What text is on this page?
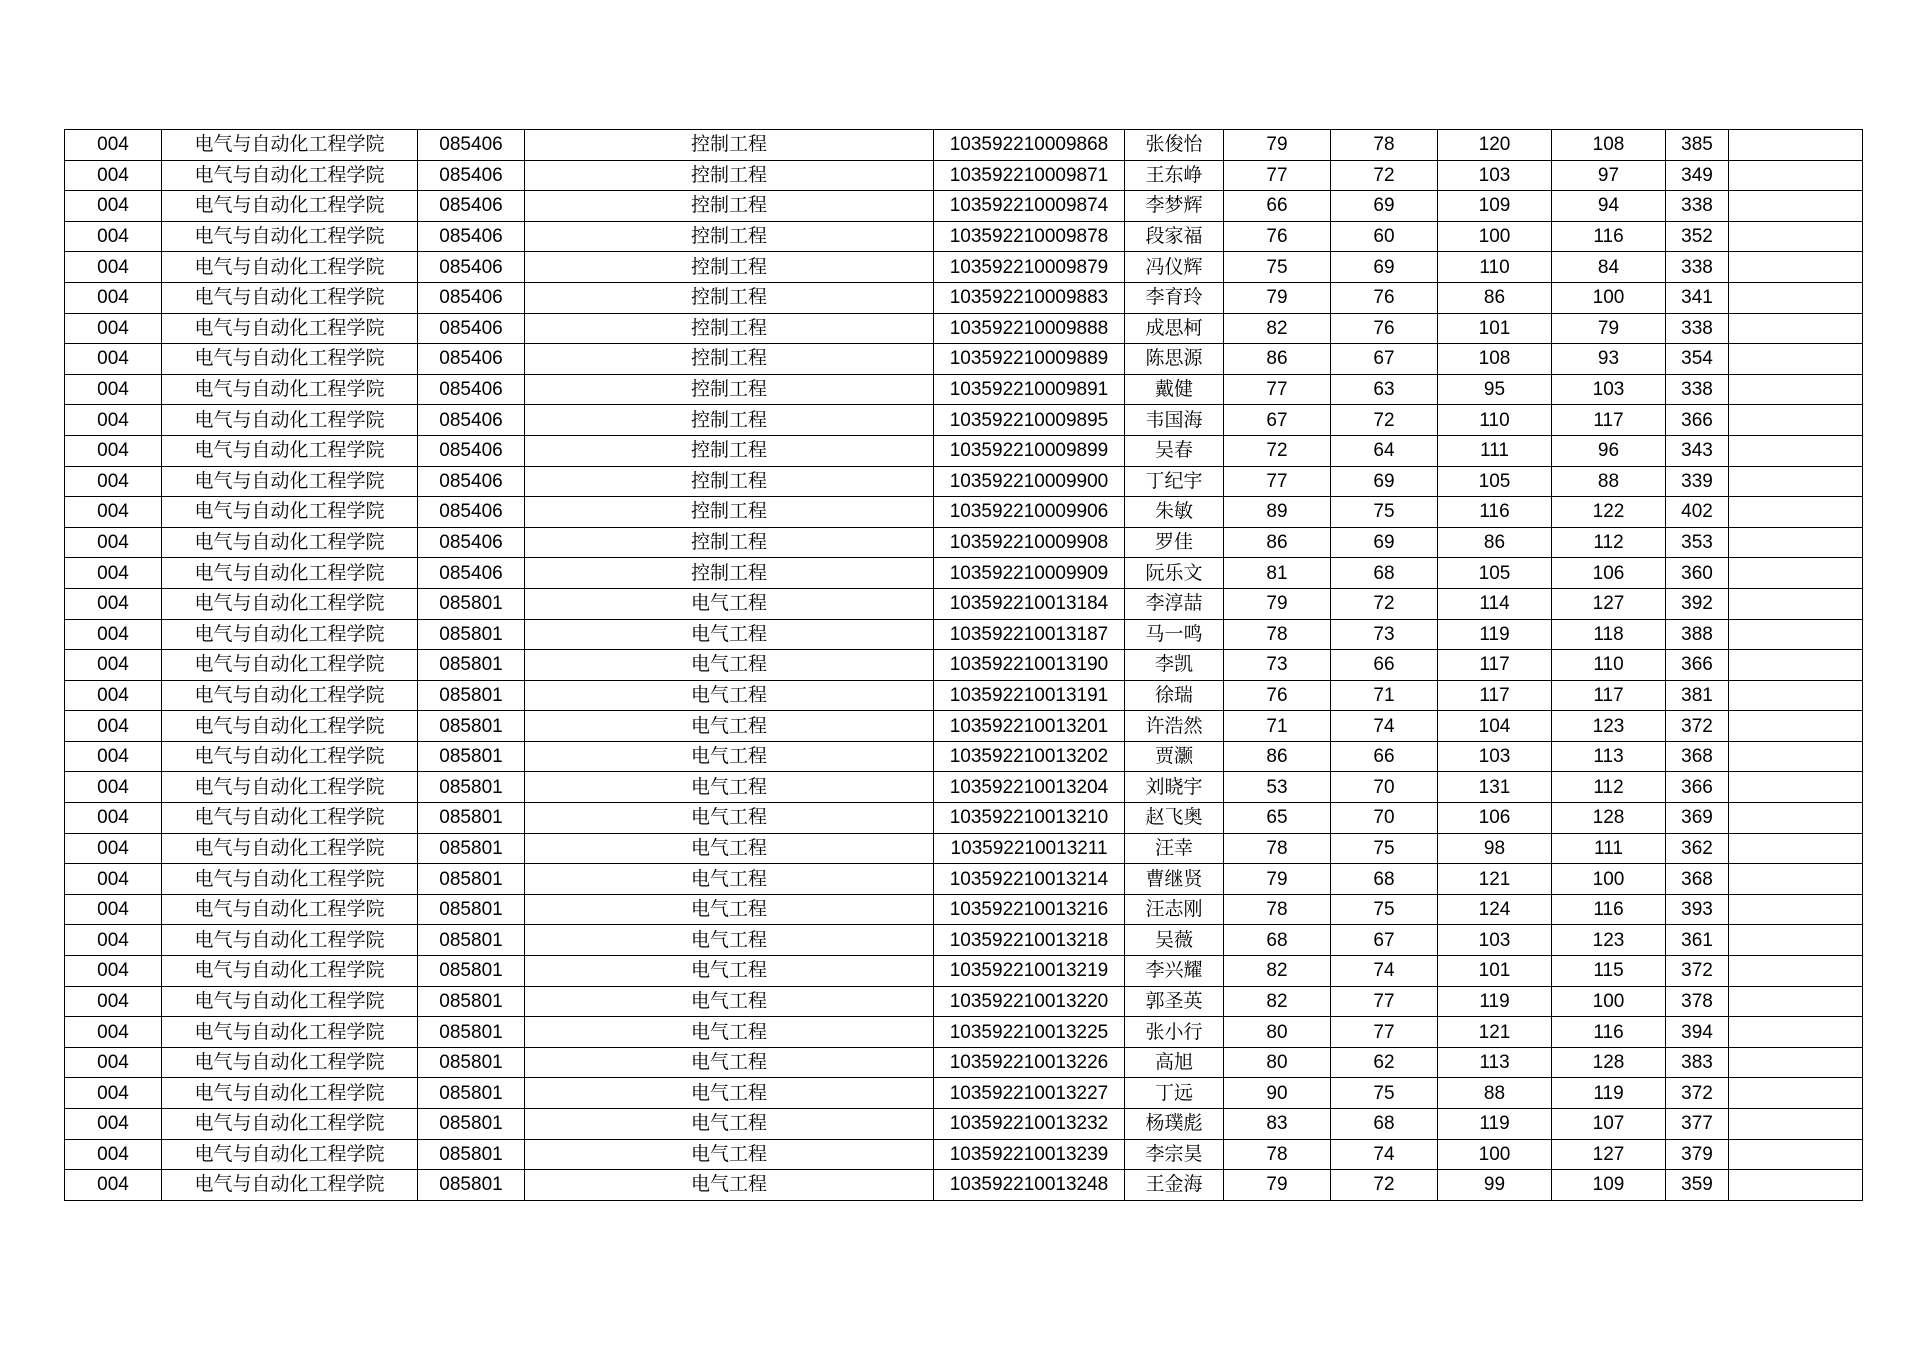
004	电气与自动化工程学院	085406	控制工程	103592210009868	张俊怡	79	78	120	108	385	
004	电气与自动化工程学院	085406	控制工程	103592210009871	王东峥	77	72	103	97	349	
004	电气与自动化工程学院	085406	控制工程	103592210009874	李梦辉	66	69	109	94	338	
004	电气与自动化工程学院	085406	控制工程	103592210009878	段家福	76	60	100	116	352	
004	电气与自动化工程学院	085406	控制工程	103592210009879	冯仪辉	75	69	110	84	338	
004	电气与自动化工程学院	085406	控制工程	103592210009883	李育玲	79	76	86	100	341	
004	电气与自动化工程学院	085406	控制工程	103592210009888	成思柯	82	76	101	79	338	
004	电气与自动化工程学院	085406	控制工程	103592210009889	陈思源	86	67	108	93	354	
004	电气与自动化工程学院	085406	控制工程	103592210009891	戴健	77	63	95	103	338	
004	电气与自动化工程学院	085406	控制工程	103592210009895	韦国海	67	72	110	117	366	
004	电气与自动化工程学院	085406	控制工程	103592210009899	吴春	72	64	111	96	343	
004	电气与自动化工程学院	085406	控制工程	103592210009900	丁纪宇	77	69	105	88	339	
004	电气与自动化工程学院	085406	控制工程	103592210009906	朱敏	89	75	116	122	402	
004	电气与自动化工程学院	085406	控制工程	103592210009908	罗佳	86	69	86	112	353	
004	电气与自动化工程学院	085406	控制工程	103592210009909	阮乐文	81	68	105	106	360	
004	电气与自动化工程学院	085801	电气工程	103592210013184	李淳喆	79	72	114	127	392	
004	电气与自动化工程学院	085801	电气工程	103592210013187	马一鸣	78	73	119	118	388	
004	电气与自动化工程学院	085801	电气工程	103592210013190	李凯	73	66	117	110	366	
004	电气与自动化工程学院	085801	电气工程	103592210013191	徐瑞	76	71	117	117	381	
004	电气与自动化工程学院	085801	电气工程	103592210013201	许浩然	71	74	104	123	372	
004	电气与自动化工程学院	085801	电气工程	103592210013202	贾灏	86	66	103	113	368	
004	电气与自动化工程学院	085801	电气工程	103592210013204	刘晓宇	53	70	131	112	366	
004	电气与自动化工程学院	085801	电气工程	103592210013210	赵飞奥	65	70	106	128	369	
004	电气与自动化工程学院	085801	电气工程	103592210013211	汪幸	78	75	98	111	362	
004	电气与自动化工程学院	085801	电气工程	103592210013214	曹继贤	79	68	121	100	368	
004	电气与自动化工程学院	085801	电气工程	103592210013216	汪志刚	78	75	124	116	393	
004	电气与自动化工程学院	085801	电气工程	103592210013218	吴薇	68	67	103	123	361	
004	电气与自动化工程学院	085801	电气工程	103592210013219	李兴耀	82	74	101	115	372	
004	电气与自动化工程学院	085801	电气工程	103592210013220	郭圣英	82	77	119	100	378	
004	电气与自动化工程学院	085801	电气工程	103592210013225	张小行	80	77	121	116	394	
004	电气与自动化工程学院	085801	电气工程	103592210013226	高旭	80	62	113	128	383	
004	电气与自动化工程学院	085801	电气工程	103592210013227	丁远	90	75	88	119	372	
004	电气与自动化工程学院	085801	电气工程	103592210013232	杨璞彪	83	68	119	107	377	
004	电气与自动化工程学院	085801	电气工程	103592210013239	李宗昊	78	74	100	127	379	
004	电气与自动化工程学院	085801	电气工程	103592210013248	王金海	79	72	99	109	359	
